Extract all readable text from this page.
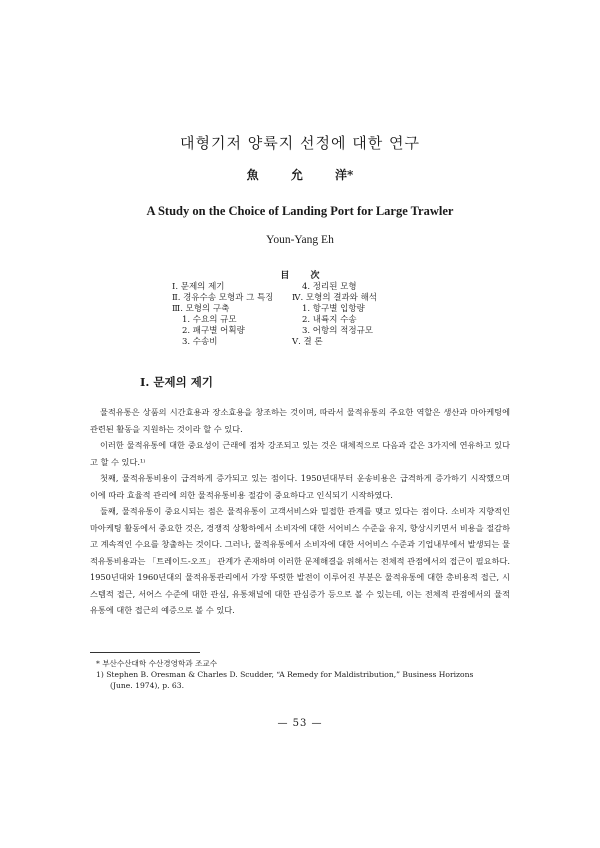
대형기저 양륙지 선정에 대한 연구
魚 允 洋*
A Study on the Choice of Landing Port for Large Trawler
Youn-Yang Eh
目 次
Ⅰ. 문제의 제기
Ⅱ. 경유수송 모형과 그 특징
Ⅲ. 모형의 구축
1. 수요의 규모
2. 패구별 어획량
3. 수송비
4. 정리된 모형
Ⅳ. 모형의 결과와 해석
1. 항구별 입항량
2. 내륙지 수송
3. 어항의 적정규모
Ⅴ. 결 론
Ⅰ. 문제의 제기

물적유통은 상품의 시간효용과 장소효용을 창조하는 것이며, 따라서 물적유통의 주요한 역할은 생산과 마아케팅에 관련된 활동을 지원하는 것이라 할 수 있다.

이러한 물적유통에 대한 중요성이 근래에 점차 강조되고 있는 것은 대체적으로 다음과 같은 3가지에 연유하고 있다고 할 수 있다.¹⁾

첫째, 물적유통비용이 급격하게 증가되고 있는 점이다. 1950년대부터 운송비용은 급격하게 증가하기 시작했으며 이에 따라 효율적 관리에 의한 물적유통비용 절감이 중요하다고 인식되기 시작하였다.

둘째, 물적유통이 중요시되는 점은 물적유통이 고객서비스와 밀접한 관계를 맺고 있다는 점이다. 소비자 지향적인 마아케팅 활동에서 중요한 것은, 경쟁적 상황하에서 소비자에 대한 서어비스 수준을 유지, 향상시키면서 비용을 절감하고 계속적인 수요를 창출하는 것이다. 그러나, 물적유통에서 소비자에 대한 서어비스 수준과 기업내부에서 발생되는 물적유통비용과는 「트레이드-오프」 관계가 존재하며 이러한 문제해결을 위해서는 전체적 관점에서의 접근이 필요하다. 1950년대와 1960년대의 물적유통관리에서 가장 뚜렷한 발전이 이루어진 부분은 물적유통에 대한 총비용적 접근, 시스템적 접근, 서어스 수준에 대한 관심, 유통채널에 대한 관심증가 등으로 볼 수 있는데, 이는 전체적 관점에서의 물적유통에 대한 접근의 예증으로 볼 수 있다.

* 부산수산대학 수산경영학과 조교수
1) Stephen B. Oresman & Charles D. Scudder, “A Remedy for Maldistribution,” Business Horizons
(June. 1974), p. 63.
— 53 —
